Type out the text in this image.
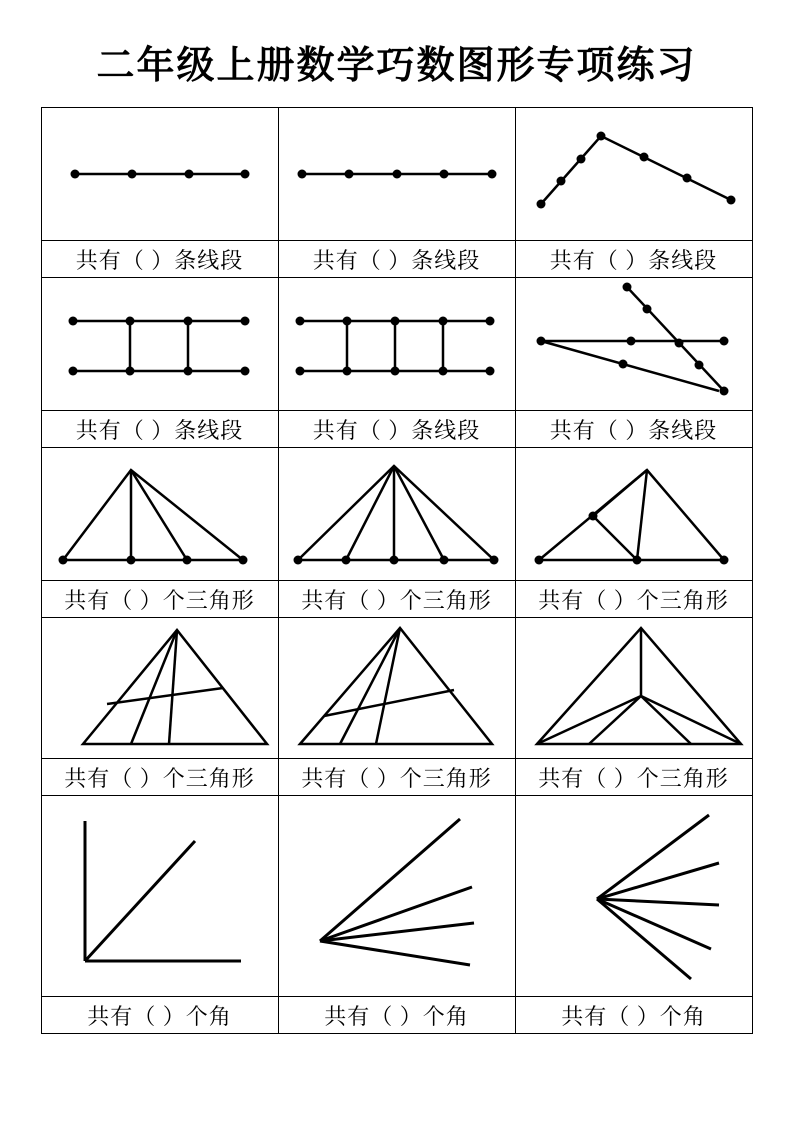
二年级上册数学巧数图形专项练习

共有（ ）条线段	共有（ ）条线段	共有（ ）条线段

共有（ ）条线段	共有（ ）条线段	共有（ ）条线段

共有（ ）个三角形	共有（ ）个三角形	共有（ ）个三角形

共有（ ）个三角形	共有（ ）个三角形	共有（ ）个三角形

共有（ ）个角	共有（ ）个角	共有（ ）个角
